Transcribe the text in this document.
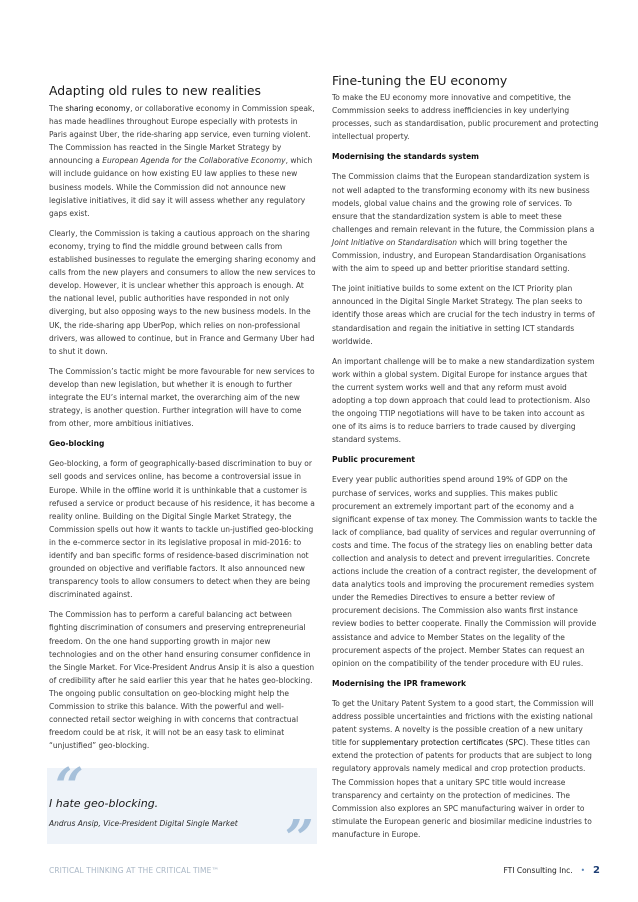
Adapting old rules to new realities

The sharing economy, or collaborative economy in Commission speak, has made headlines throughout Europe especially with protests in Paris against Uber, the ride-sharing app service, even turning violent. The Commission has reacted in the Single Market Strategy by announcing a European Agenda for the Collaborative Economy, which will include guidance on how existing EU law applies to these new business models. While the Commission did not announce new legislative initiatives, it did say it will assess whether any regulatory gaps exist.

Clearly, the Commission is taking a cautious approach on the sharing economy, trying to find the middle ground between calls from established businesses to regulate the emerging sharing economy and calls from the new players and consumers to allow the new services to develop. However, it is unclear whether this approach is enough. At the national level, public authorities have responded in not only diverging, but also opposing ways to the new business models. In the UK, the ride-sharing app UberPop, which relies on non-professional drivers, was allowed to continue, but in France and Germany Uber had to shut it down.

The Commission’s tactic might be more favourable for new services to develop than new legislation, but whether it is enough to further integrate the EU’s internal market, the overarching aim of the new strategy, is another question. Further integration will have to come from other, more ambitious initiatives.

Geo-blocking

Geo-blocking, a form of geographically-based discrimination to buy or sell goods and services online, has become a controversial issue in Europe. While in the offline world it is unthinkable that a customer is refused a service or product because of his residence, it has become a reality online. Building on the Digital Single Market Strategy, the Commission spells out how it wants to tackle un-justified geo-blocking in the e-commerce sector in its legislative proposal in mid-2016: to identify and ban specific forms of residence-based discrimination not grounded on objective and verifiable factors. It also announced new transparency tools to allow consumers to detect when they are being discriminated against.

The Commission has to perform a careful balancing act between fighting discrimination of consumers and preserving entrepreneurial freedom. On the one hand supporting growth in major new technologies and on the other hand ensuring consumer confidence in the Single Market. For Vice-President Andrus Ansip it is also a question of credibility after he said earlier this year that he hates geo-blocking. The ongoing public consultation on geo-blocking might help the Commission to strike this balance. With the powerful and well-connected retail sector weighing in with concerns that contractual freedom could be at risk, it will not be an easy task to eliminat “unjustified” geo-blocking.

“
”
I hate geo-blocking.
Andrus Ansip, Vice-President Digital Single Market
Fine-tuning the EU economy

To make the EU economy more innovative and competitive, the Commmission seeks to address inefficiencies in key underlying processes, such as standardisation, public procurement and protecting intellectual property.

Modernising the standards system

The Commission claims that the European standardization system is not well adapted to the transforming economy with its new business models, global value chains and the growing role of services. To ensure that the standardization system is able to meet these challenges and remain relevant in the future, the Commission plans a Joint Initiative on Standardisation which will bring together the Commission, industry, and European Standardisation Organisations with the aim to speed up and better prioritise standard setting.

The joint initiative builds to some extent on the ICT Priority plan announced in the Digital Single Market Strategy. The plan seeks to identify those areas which are crucial for the tech industry in terms of standardisation and regain the initiative in setting ICT standards worldwide.

An important challenge will be to make a new standardization system work within a global system. Digital Europe for instance argues that the current system works well and that any reform must avoid adopting a top down approach that could lead to protectionism. Also the ongoing TTIP negotiations will have to be taken into account as one of its aims is to reduce barriers to trade caused by diverging standard systems.

Public procurement

Every year public authorities spend around 19% of GDP on the purchase of services, works and supplies. This makes public procurement an extremely important part of the economy and a significant expense of tax money. The Commission wants to tackle the lack of compliance, bad quality of services and regular overrunning of costs and time. The focus of the strategy lies on enabling better data collection and analysis to detect and prevent irregularities. Concrete actions include the creation of a contract register, the development of data analytics tools and improving the procurement remedies system under the Remedies Directives to ensure a better review of procurement decisions. The Commission also wants first instance review bodies to better cooperate. Finally the Commission will provide assistance and advice to Member States on the legality of the procurement aspects of the project. Member States can request an opinion on the compatibility of the tender procedure with EU rules.

Modernising the IPR framework

To get the Unitary Patent System to a good start, the Commission will address possible uncertainties and frictions with the existing national patent systems. A novelty is the possible creation of a new unitary title for supplementary protection certificates (SPC). These titles can extend the protection of patents for products that are subject to long regulatory approvals namely medical and crop protection products. The Commission hopes that a unitary SPC title would increase transparency and certainty on the protection of medicines. The Commission also explores an SPC manufacturing waiver in order to stimulate the European generic and biosimilar medicine industries to manufacture in Europe.

CRITICAL THINKING AT THE CRITICAL TIME™	FTI Consulting Inc. • 2
